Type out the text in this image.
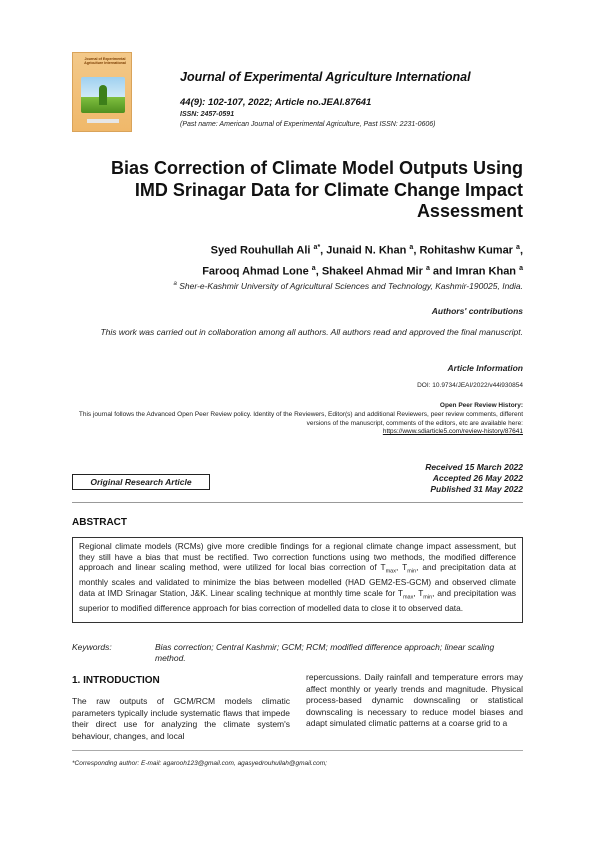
Journal of Experimental Agriculture International
Journal of Experimental Agriculture International
44(9): 102-107, 2022; Article no.JEAI.87641
ISSN: 2457-0591
(Past name: American Journal of Experimental Agriculture, Past ISSN: 2231-0606)
Bias Correction of Climate Model Outputs Using IMD Srinagar Data for Climate Change Impact Assessment
Syed Rouhullah Ali $^{a*}$, Junaid N. Khan $^a$, Rohitashw Kumar $^a$,
Farooq Ahmad Lone $^a$, Shakeel Ahmad Mir $^a$ and Imran Khan $^a$
$^a$ Sher-e-Kashmir University of Agricultural Sciences and Technology, Kashmir-190025, India.
Authors' contributions
This work was carried out in collaboration among all authors. All authors read and approved the final manuscript.
Article Information
DOI: 10.9734/JEAI/2022/v44i930854
Open Peer Review History:
This journal follows the Advanced Open Peer Review policy. Identity of the Reviewers, Editor(s) and additional Reviewers, peer review comments, different versions of the manuscript, comments of the editors, etc are available here:
https://www.sdiarticle5.com/review-history/87641
Original Research Article
Received 15 March 2022
Accepted 26 May 2022
Published 31 May 2022
ABSTRACT
Regional climate models (RCMs) give more credible findings for a regional climate change impact assessment, but they still have a bias that must be rectified. Two correction functions using two methods, the modified difference approach and linear scaling method, were utilized for local bias correction of $T_{max}$, $T_{min}$, and precipitation data at monthly scales and validated to minimize the bias between modelled (HAD GEM2-ES-GCM) and observed climate data at IMD Srinagar Station, J&K. Linear scaling technique at monthly time scale for $T_{max}$, $T_{min}$, and precipitation was superior to modified difference approach for bias correction of modelled data to close it to observed data.
Keywords:	Bias correction; Central Kashmir; GCM; RCM; modified difference approach; linear scaling method.
1. INTRODUCTION
The raw outputs of GCM/RCM models climatic parameters typically include systematic flaws that impede their direct use for analyzing the climate system's behaviour, changes, and local
repercussions. Daily rainfall and temperature errors may affect monthly or yearly trends and magnitude. Physical process-based dynamic downscaling or statistical downscaling is necessary to reduce model biases and adapt simulated climatic patterns at a coarse grid to a
*Corresponding author: E-mail: agarooh123@gmail.com, agasyedrouhullah@gmail.com;
